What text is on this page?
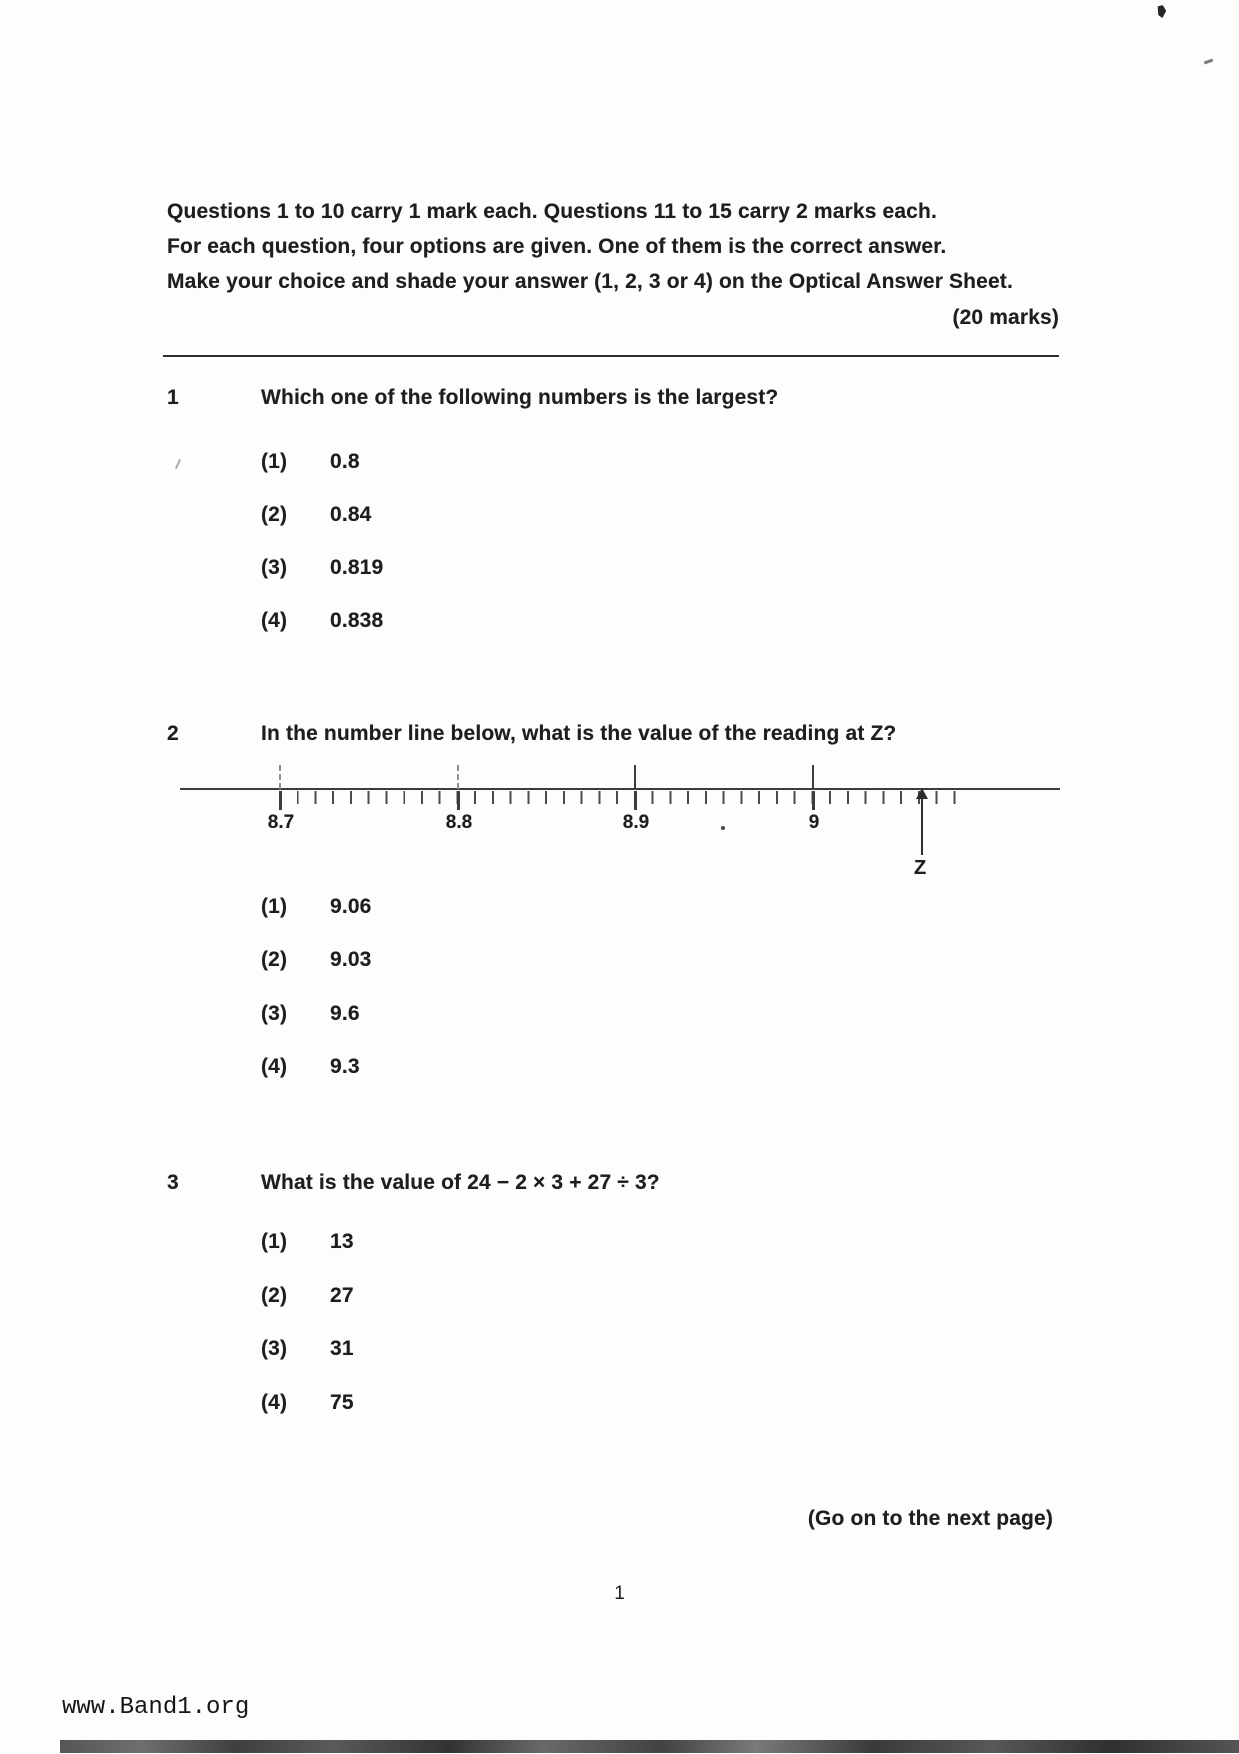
Questions 1 to 10 carry 1 mark each. Questions 11 to 15 carry 2 marks each.
For each question, four options are given. One of them is the correct answer.
Make your choice and shade your answer (1, 2, 3 or 4) on the Optical Answer Sheet.
(20 marks)
1	Which one of the following numbers is the largest?
(1) 0.8
(2) 0.84
(3) 0.819
(4) 0.838
2	In the number line below, what is the value of the reading at Z?
8.7	8.8	8.9	9
Z
(1) 9.06
(2) 9.03
(3) 9.6
(4) 9.3
3	What is the value of 24 − 2 × 3 + 27 ÷ 3?
(1) 13
(2) 27
(3) 31
(4) 75
(Go on to the next page)
1
www.Band1.org
